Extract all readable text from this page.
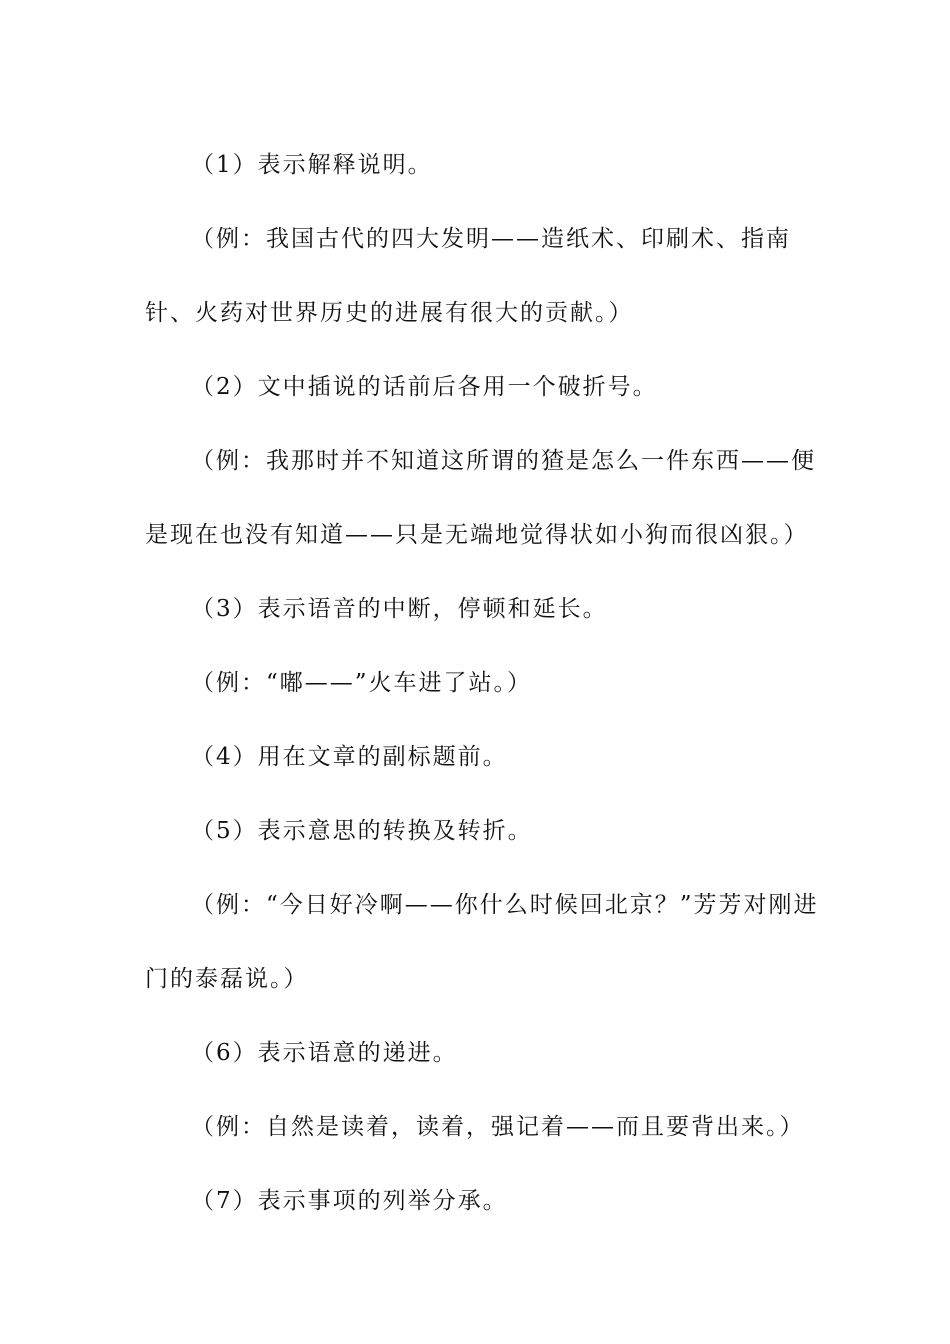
（1）表示解释说明。

（例：我国古代的四大发明——造纸术、印刷术、指南针、火药对世界历史的进展有很大的贡献。）

（2）文中插说的话前后各用一个破折号。

（例：我那时并不知道这所谓的猹是怎么一件东西——便是现在也没有知道——只是无端地觉得状如小狗而很凶狠。）

（3）表示语音的中断，停顿和延长。

（例：“嘟——”火车进了站。）

（4）用在文章的副标题前。

（5）表示意思的转换及转折。

（例：“今日好冷啊——你什么时候回北京？”芳芳对刚进门的泰磊说。）

（6）表示语意的递进。

（例：自然是读着，读着，强记着——而且要背出来。）

（7）表示事项的列举分承。
